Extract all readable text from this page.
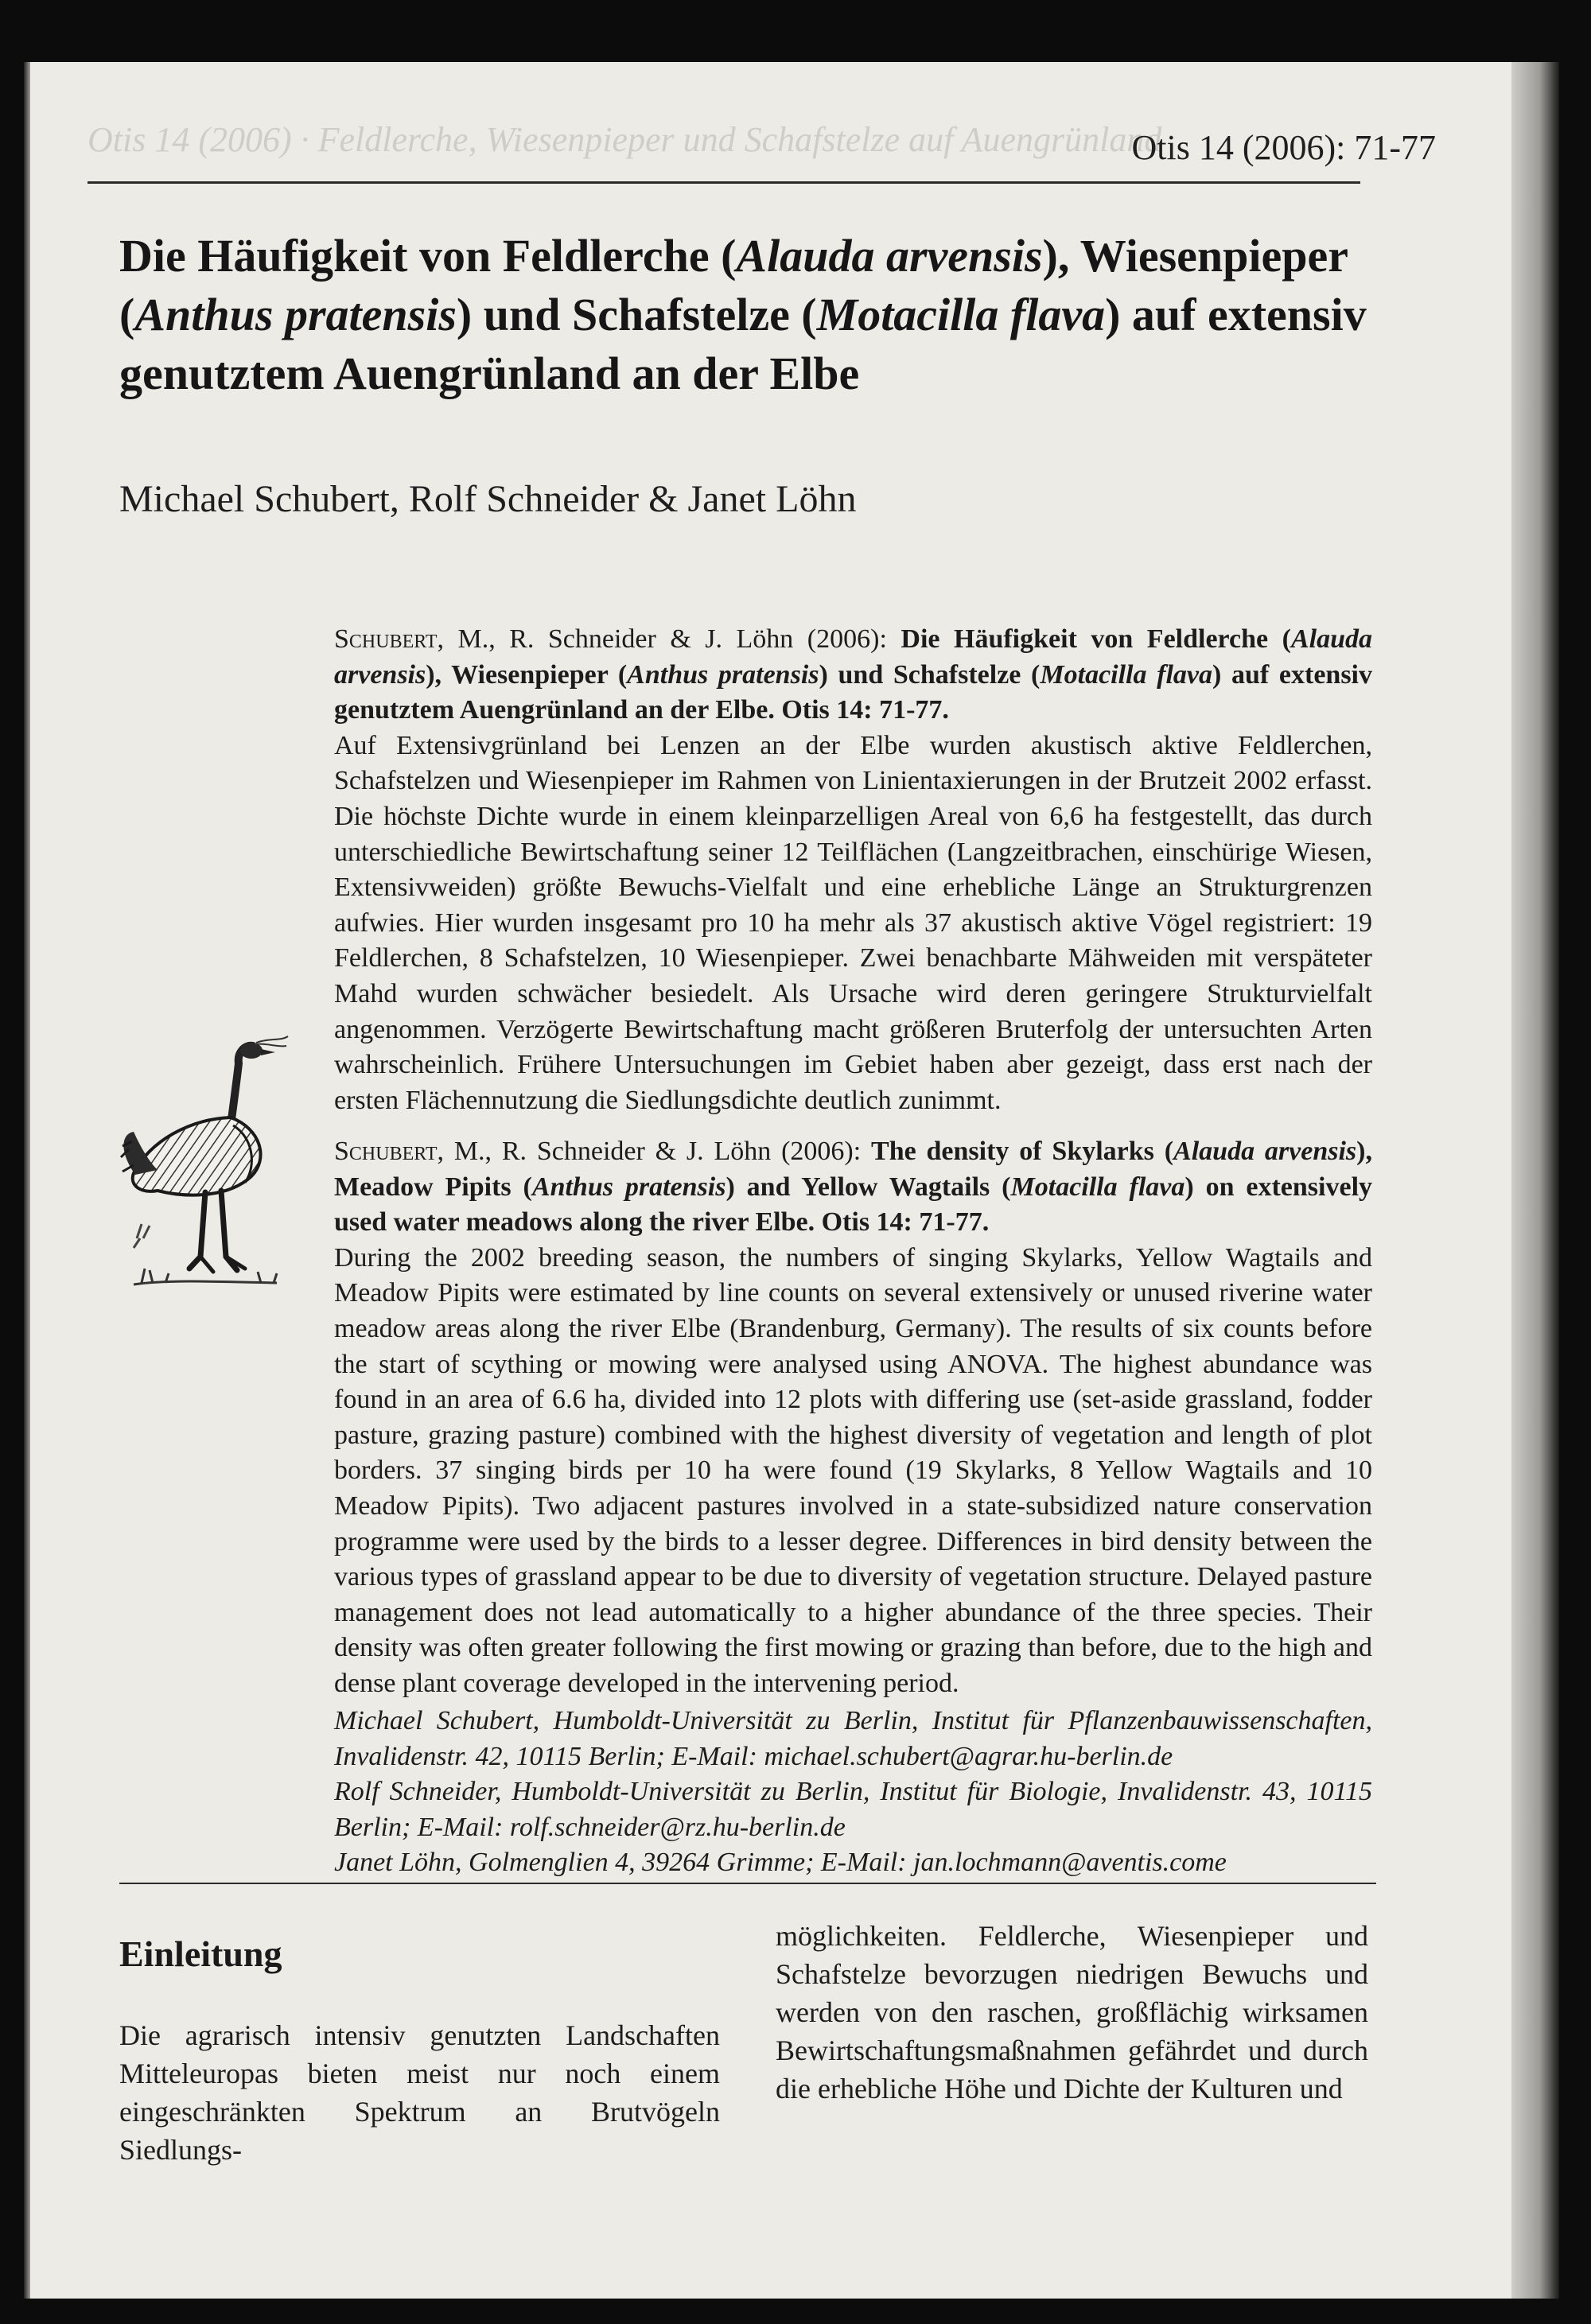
Otis 14 (2006) · Feldlerche, Wiesenpieper und Schafstelze auf Auengrünland
Otis 14 (2006): 71-77
Die Häufigkeit von Feldlerche (Alauda arvensis), Wiesenpieper (Anthus pratensis) und Schafstelze (Motacilla flava) auf extensiv genutztem Auengrünland an der Elbe
Michael Schubert, Rolf Schneider & Janet Löhn
Schubert, M., R. Schneider & J. Löhn (2006): Die Häufigkeit von Feldlerche (Alauda arvensis), Wiesenpieper (Anthus pratensis) und Schafstelze (Motacilla flava) auf extensiv genutztem Auengrünland an der Elbe. Otis 14: 71-77.
Auf Extensivgrünland bei Lenzen an der Elbe wurden akustisch aktive Feldlerchen, Schafstelzen und Wiesenpieper im Rahmen von Linientaxierungen in der Brutzeit 2002 erfasst. Die höchste Dichte wurde in einem kleinparzelligen Areal von 6,6 ha festgestellt, das durch unterschiedliche Bewirtschaftung seiner 12 Teilflächen (Langzeitbrachen, einschürige Wiesen, Extensivweiden) größte Bewuchs-Vielfalt und eine erhebliche Länge an Strukturgrenzen aufwies. Hier wurden insgesamt pro 10 ha mehr als 37 akustisch aktive Vögel registriert: 19 Feldlerchen, 8 Schafstelzen, 10 Wiesenpieper. Zwei benachbarte Mähweiden mit verspäteter Mahd wurden schwächer besiedelt. Als Ursache wird deren geringere Strukturvielfalt angenommen. Verzögerte Bewirtschaftung macht größeren Bruterfolg der untersuchten Arten wahrscheinlich. Frühere Untersuchungen im Gebiet haben aber gezeigt, dass erst nach der ersten Flächennutzung die Siedlungsdichte deutlich zunimmt.
Schubert, M., R. Schneider & J. Löhn (2006): The density of Skylarks (Alauda arvensis), Meadow Pipits (Anthus pratensis) and Yellow Wagtails (Motacilla flava) on extensively used water meadows along the river Elbe. Otis 14: 71-77.
During the 2002 breeding season, the numbers of singing Skylarks, Yellow Wagtails and Meadow Pipits were estimated by line counts on several extensively or unused riverine water meadow areas along the river Elbe (Brandenburg, Germany). The results of six counts before the start of scything or mowing were analysed using ANOVA. The highest abundance was found in an area of 6.6 ha, divided into 12 plots with differing use (set-aside grassland, fodder pasture, grazing pasture) combined with the highest diversity of vegetation and length of plot borders. 37 singing birds per 10 ha were found (19 Skylarks, 8 Yellow Wagtails and 10 Meadow Pipits). Two adjacent pastures involved in a state-subsidized nature conservation programme were used by the birds to a lesser degree. Differences in bird density between the various types of grassland appear to be due to diversity of vegetation structure. Delayed pasture management does not lead automatically to a higher abundance of the three species. Their density was often greater following the first mowing or grazing than before, due to the high and dense plant coverage developed in the intervening period.
Michael Schubert, Humboldt-Universität zu Berlin, Institut für Pflanzenbauwissenschaften, Invalidenstr. 42, 10115 Berlin; E-Mail: michael.schubert@agrar.hu-berlin.de
Rolf Schneider, Humboldt-Universität zu Berlin, Institut für Biologie, Invalidenstr. 43, 10115 Berlin; E-Mail: rolf.schneider@rz.hu-berlin.de
Janet Löhn, Golmenglien 4, 39264 Grimme; E-Mail: jan.lochmann@aventis.come
Einleitung
Die agrarisch intensiv genutzten Landschaften Mitteleuropas bieten meist nur noch einem eingeschränkten Spektrum an Brutvögeln Siedlungs-
möglichkeiten. Feldlerche, Wiesenpieper und Schafstelze bevorzugen niedrigen Bewuchs und werden von den raschen, großflächig wirksamen Bewirtschaftungsmaßnahmen gefährdet und durch die erhebliche Höhe und Dichte der Kulturen und
